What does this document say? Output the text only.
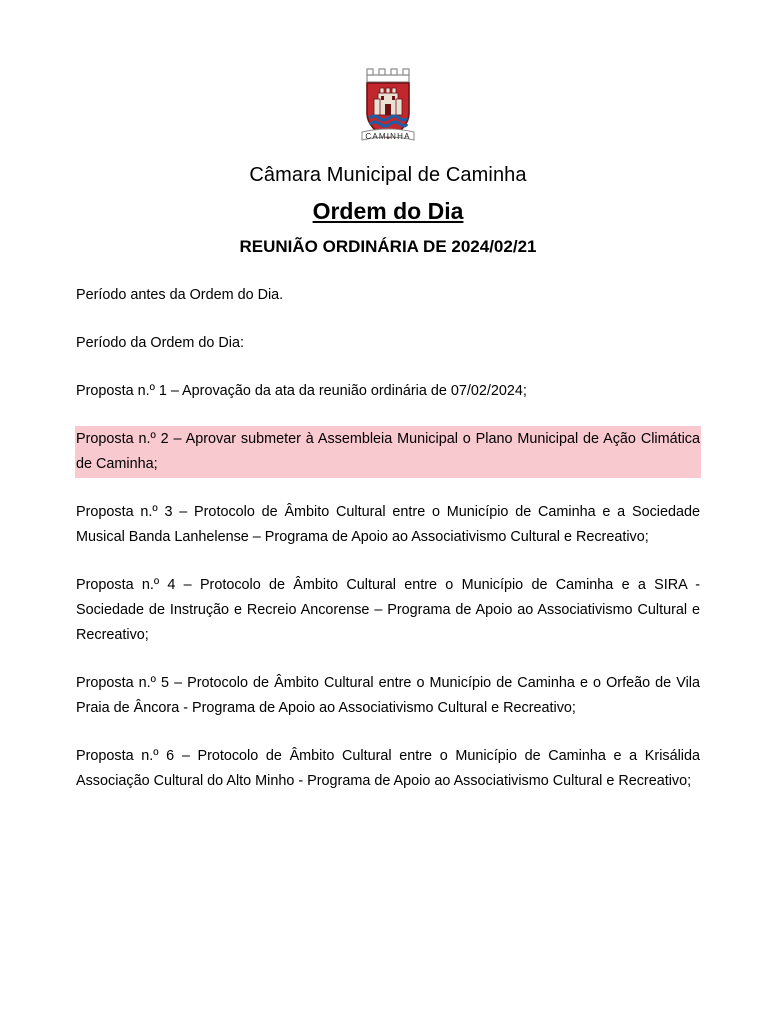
CAMINHA
Câmara Municipal de Caminha
Ordem do Dia
REUNIÃO ORDINÁRIA DE 2024/02/21

Período antes da Ordem do Dia.

Período da Ordem do Dia:

Proposta n.º 1 – Aprovação da ata da reunião ordinária de 07/02/2024;

Proposta n.º 2 – Aprovar submeter à Assembleia Municipal o Plano Municipal de Ação Climática de Caminha;

Proposta n.º 3 – Protocolo de Âmbito Cultural entre o Município de Caminha e a Sociedade Musical Banda Lanhelense – Programa de Apoio ao Associativismo Cultural e Recreativo;

Proposta n.º 4 – Protocolo de Âmbito Cultural entre o Município de Caminha e a SIRA - Sociedade de Instrução e Recreio Ancorense – Programa de Apoio ao Associativismo Cultural e Recreativo;

Proposta n.º 5 – Protocolo de Âmbito Cultural entre o Município de Caminha e o Orfeão de Vila Praia de Âncora - Programa de Apoio ao Associativismo Cultural e Recreativo;

Proposta n.º 6 – Protocolo de Âmbito Cultural entre o Município de Caminha e a Krisálida Associação Cultural do Alto Minho - Programa de Apoio ao Associativismo Cultural e Recreativo;
